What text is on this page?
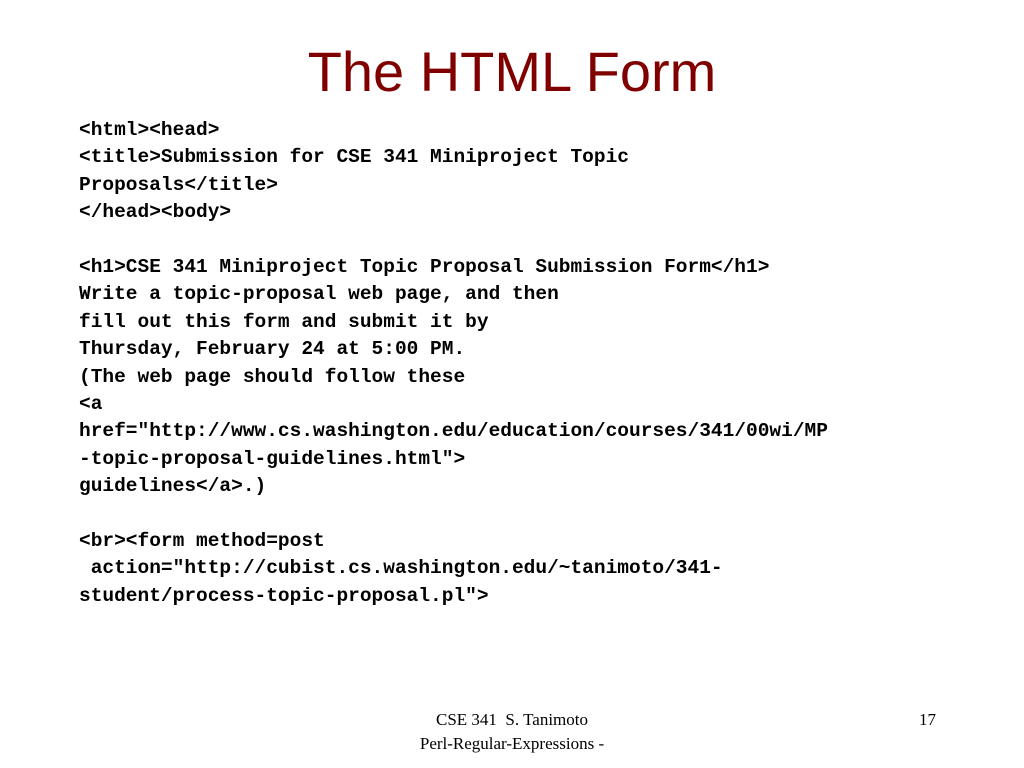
The HTML Form
<html><head>
<title>Submission for CSE 341 Miniproject Topic
Proposals</title>
</head><body>
<h1>CSE 341 Miniproject Topic Proposal Submission Form</h1>
Write a topic-proposal web page, and then
fill out this form and submit it by
Thursday, February 24 at 5:00 PM.
(The web page should follow these
<a
href="http://www.cs.washington.edu/education/courses/341/00wi/MP
-topic-proposal-guidelines.html">
guidelines</a>.)
<br><form method=post
action="http://cubist.cs.washington.edu/~tanimoto/341-
student/process-topic-proposal.pl">
CSE 341  S. Tanimoto
Perl-Regular-Expressions -
17
